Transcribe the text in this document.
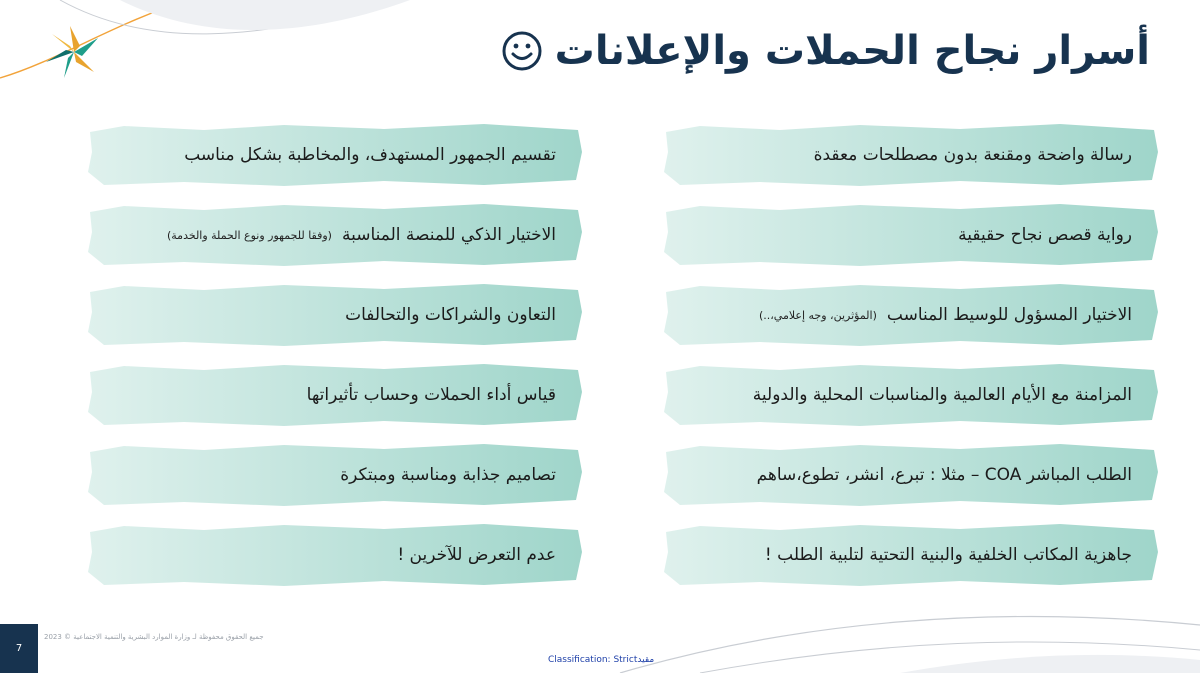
أسرار نجاح الحملات والإعلانات
رسالة واضحة ومقنعة بدون مصطلحات معقدة
رواية قصص نجاح حقيقية
الاختيار المسؤول للوسيط المناسب
(المؤثرين، وجه إعلامي،..)
المزامنة مع الأيام العالمية والمناسبات المحلية والدولية
الطلب المباشر COA – مثلا : تبرع، انشر، تطوع،ساهم
جاهزية المكاتب الخلفية والبنية التحتية لتلبية الطلب !
تقسيم الجمهور المستهدف، والمخاطبة بشكل مناسب
الاختيار الذكي للمنصة المناسبة
(وفقا للجمهور ونوع الحملة والخدمة)
التعاون والشراكات والتحالفات
قياس أداء الحملات وحساب تأثيراتها
تصاميم جذابة ومناسبة ومبتكرة
عدم التعرض للآخرين !
7
جميع الحقوق محفوظة لـ وزارة الموارد البشرية والتنمية الاجتماعية © 2023
Classification: Strictمقيد
